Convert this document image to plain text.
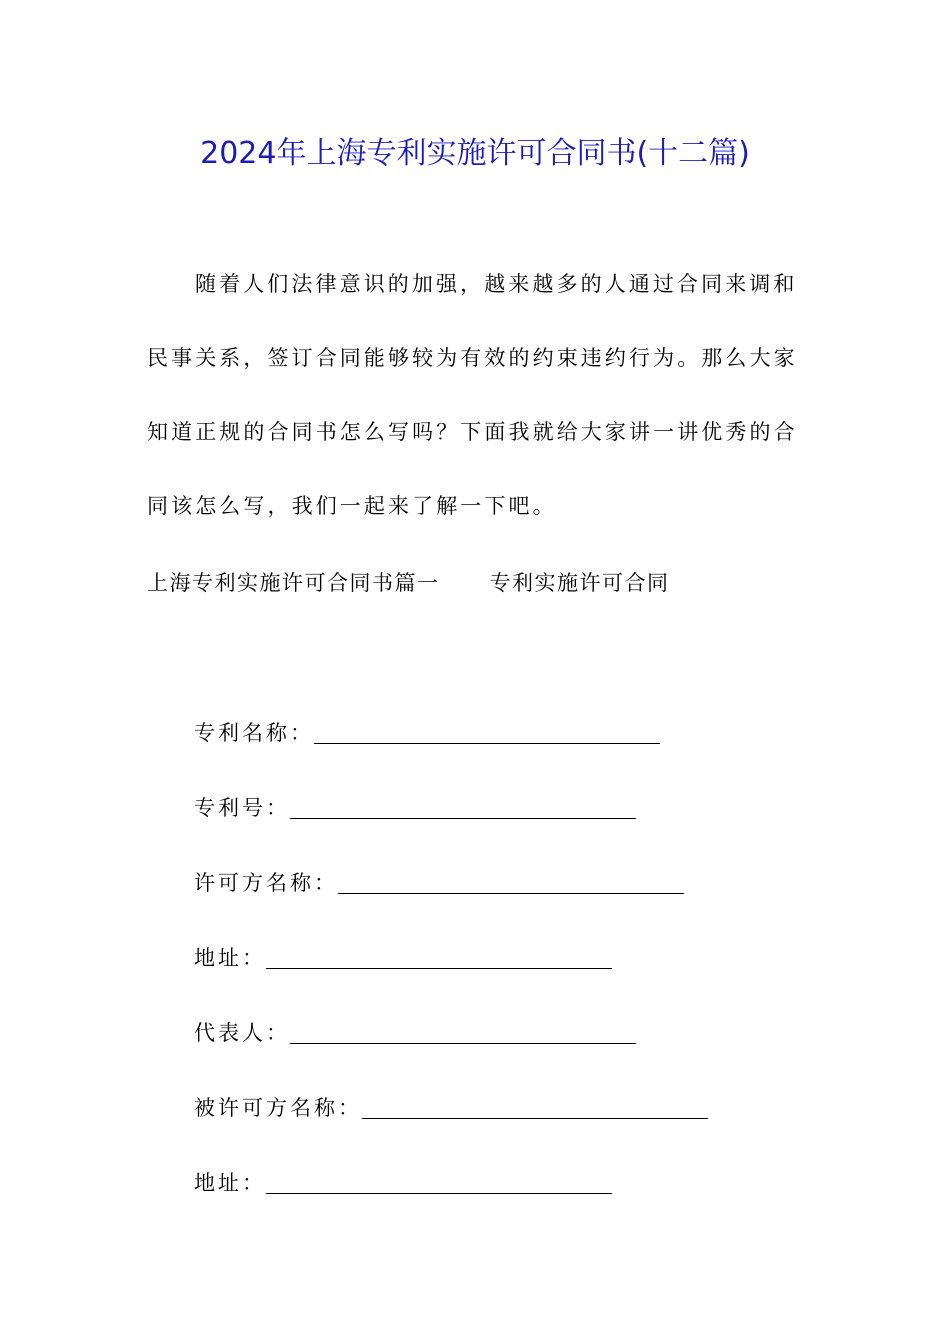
2024年上海专利实施许可合同书(十二篇)
随着人们法律意识的加强，越来越多的人通过合同来调和
民事关系，签订合同能够较为有效的约束违约行为。那么大家
知道正规的合同书怎么写吗？下面我就给大家讲一讲优秀的合
同该怎么写，我们一起来了解一下吧。
上海专利实施许可合同书篇一 专利实施许可合同
专利名称：
专利号：
许可方名称：
地址：
代表人：
被许可方名称：
地址：
